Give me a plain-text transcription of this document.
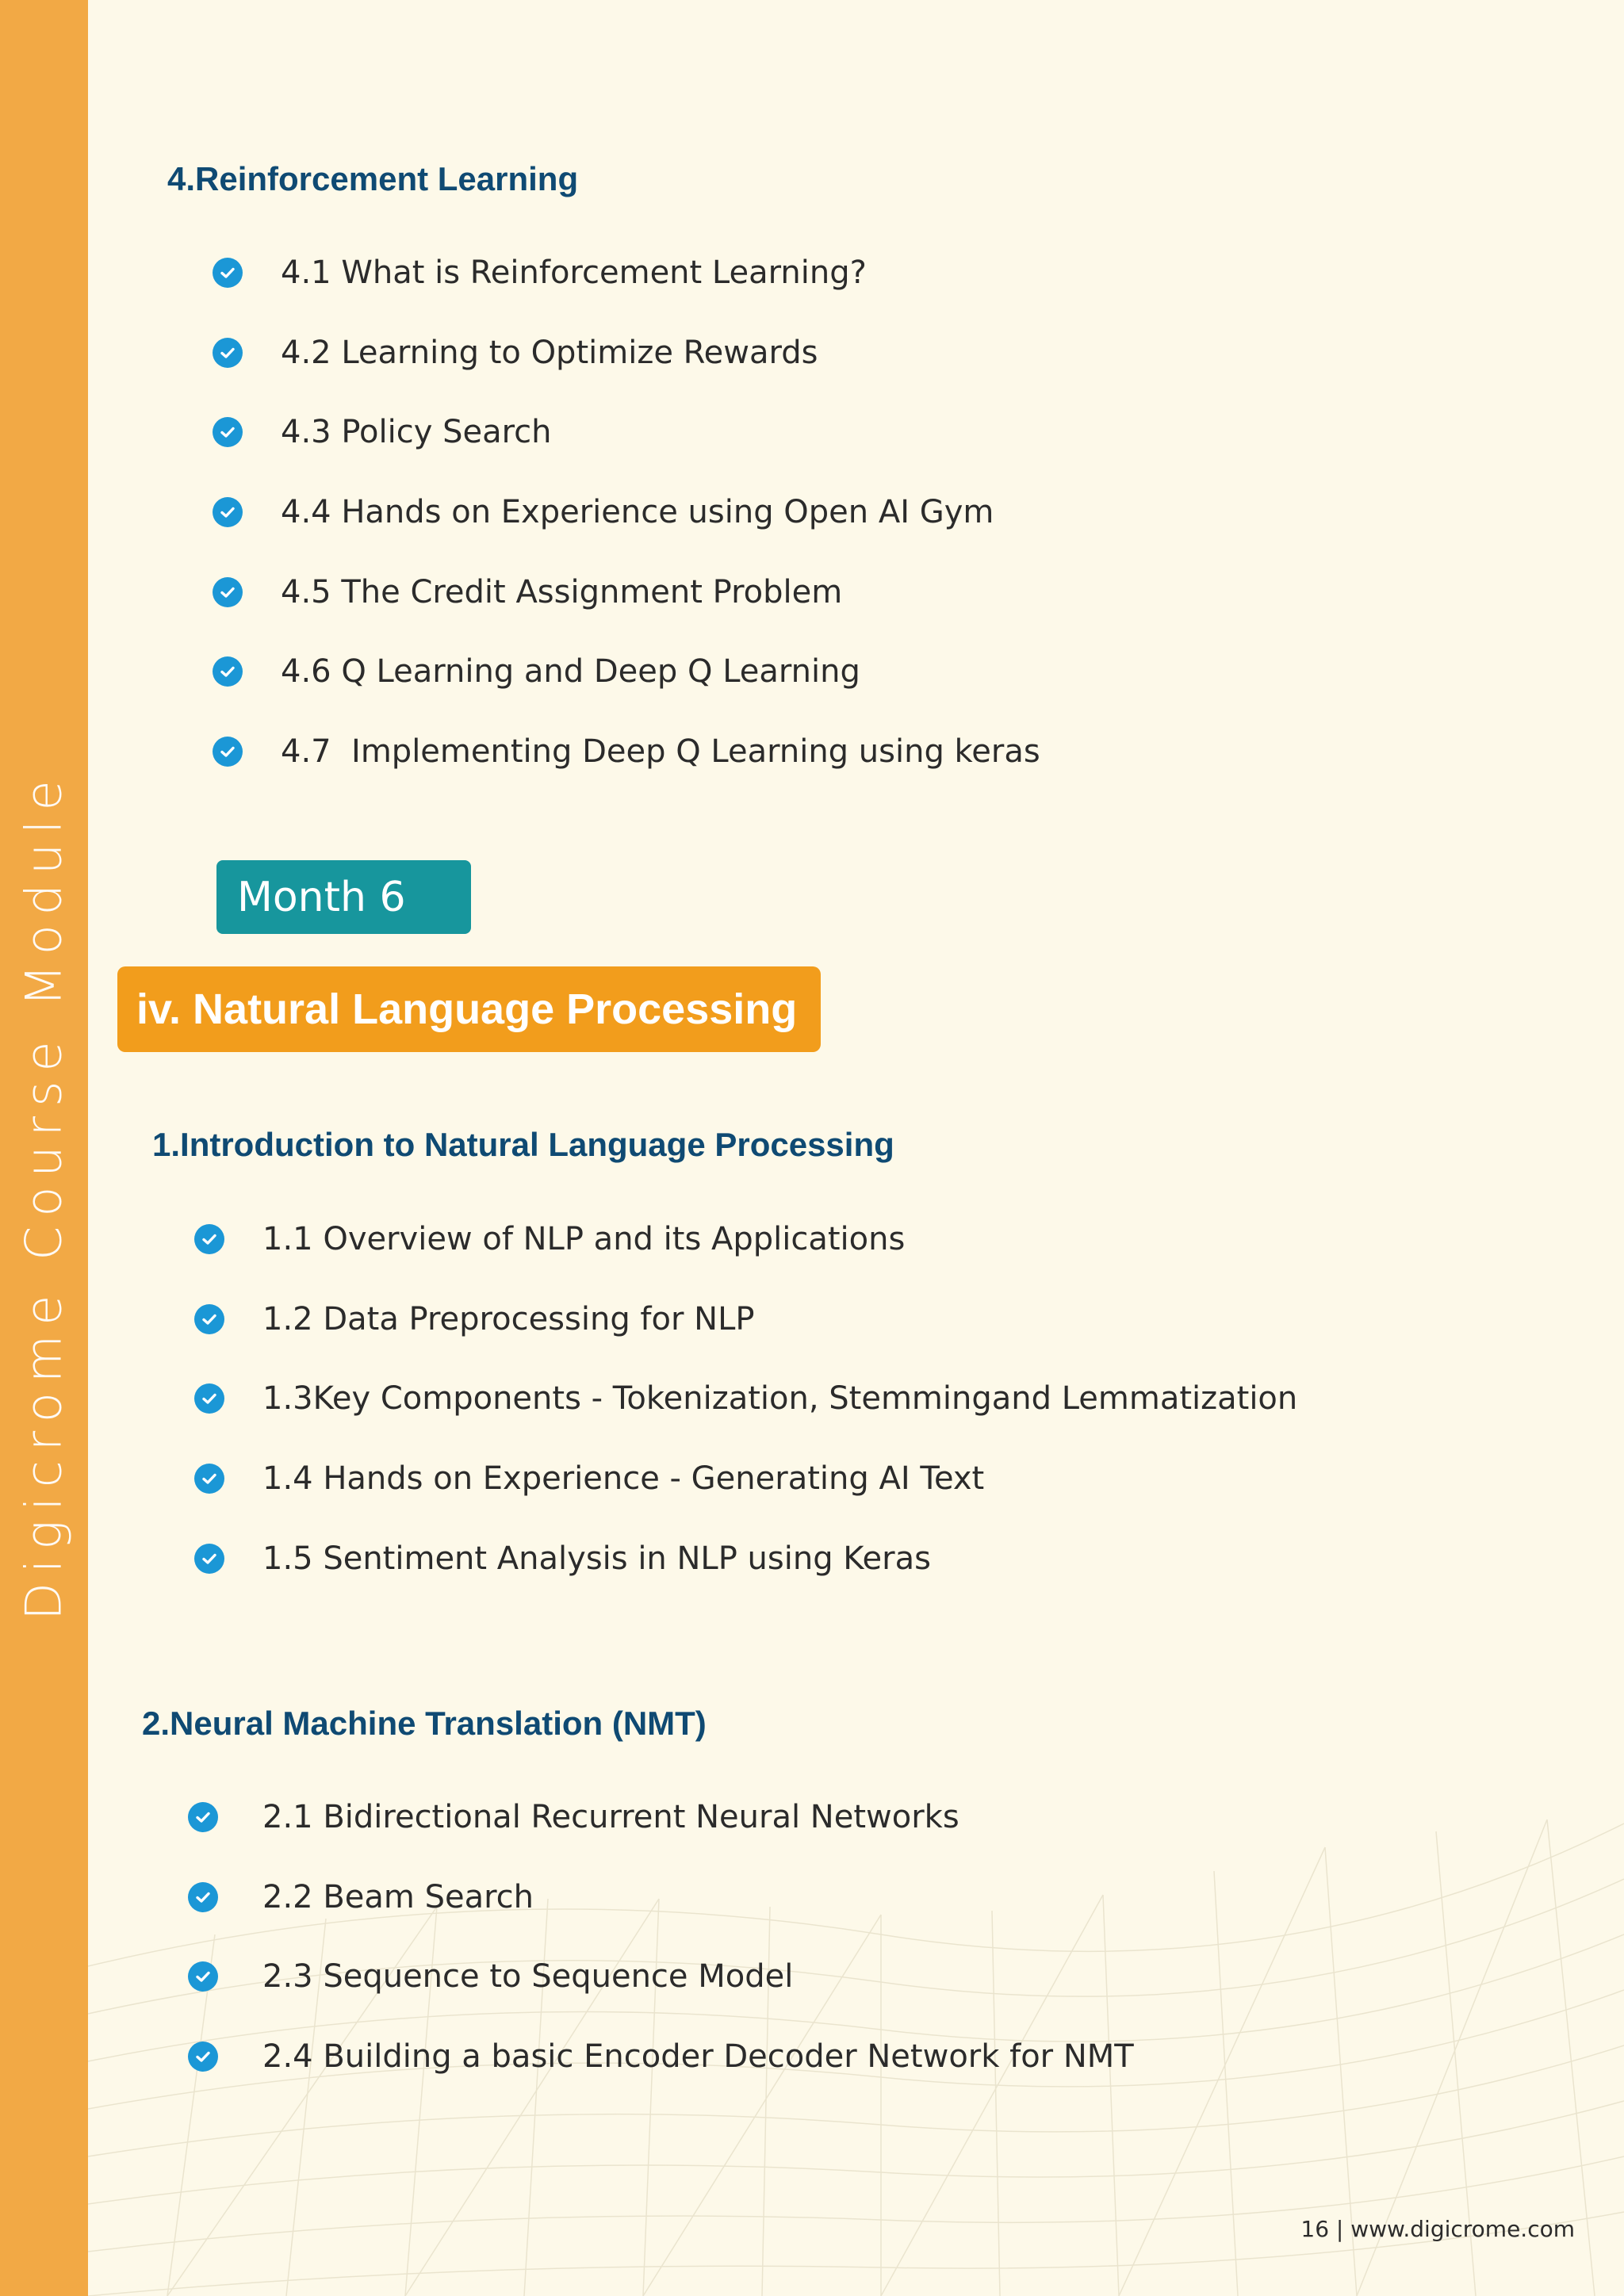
Digicrome Course Module
4.Reinforcement Learning
4.1 What is Reinforcement Learning?
4.2 Learning to Optimize Rewards
4.3 Policy Search
4.4 Hands on Experience using Open AI Gym
4.5 The Credit Assignment Problem
4.6 Q Learning and Deep Q Learning
4.7  Implementing Deep Q Learning using keras
Month 6
iv. Natural Language Processing
1.Introduction to Natural Language Processing
1.1 Overview of NLP and its Applications
1.2 Data Preprocessing for NLP
1.3Key Components - Tokenization, Stemmingand Lemmatization
1.4 Hands on Experience - Generating AI Text
1.5 Sentiment Analysis in NLP using Keras
2.Neural Machine Translation (NMT)
2.1 Bidirectional Recurrent Neural Networks
2.2 Beam Search
2.3 Sequence to Sequence Model
2.4 Building a basic Encoder Decoder Network for NMT
16 | www.digicrome.com
